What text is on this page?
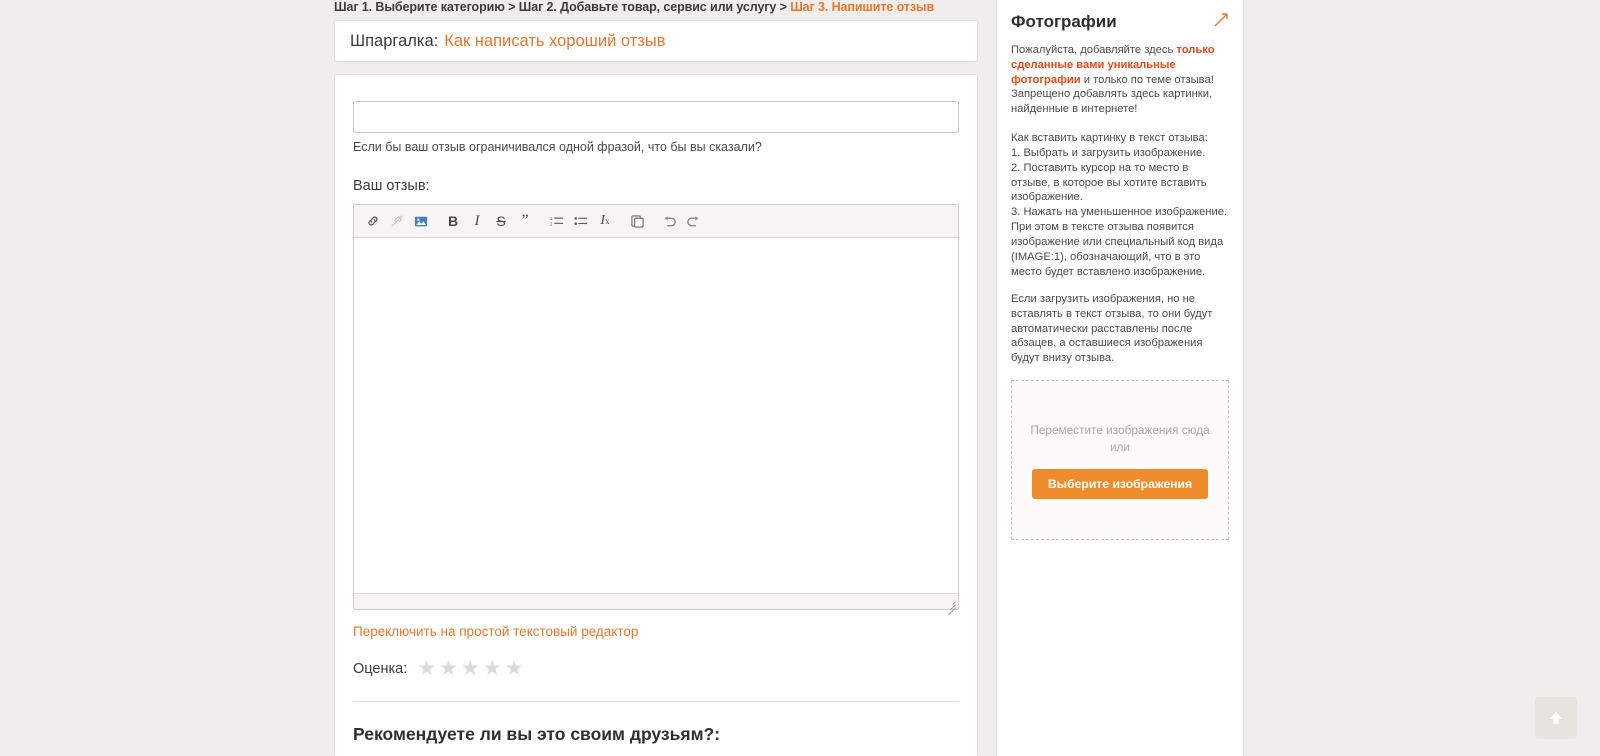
Шаг 1. Выберите категорию > Шаг 2. Добавьте товар, сервис или услугу > Шаг 3. Напишите отзыв
Шпаргалка: Как написать хороший отзыв
Если бы ваш отзыв ограничивался одной фразой, что бы вы сказали?
Ваш отзыв:
B	I	S ”	1
2	I x
Переключить на простой текстовый редактор
Оценка: ★ ★ ★ ★ ★
Рекомендуете ли вы это своим друзьям?:
Фотографии
Пожалуйста, добавляйте здесь только сделанные вами уникальные фотографии и только по теме отзыва!
Запрещено добавлять здесь картинки, найденные в интернете!

Как вставить картинку в текст отзыва:

1. Выбрать и загрузить изображение.

2. Поставить курсор на то место в отзыве, в которое вы хотите вставить изображение.

3. Нажать на уменьшенное изображение. При этом в тексте отзыва появится изображение или специальный код вида (IMAGE:1), обозначающий, что в это место будет вставлено изображение.

Если загрузить изображения, но не вставлять в текст отзыва, то они будут автоматически расставлены после абзацев, а оставшиеся изображения будут внизу отзыва.

Переместите изображения сюда
или
Выберите изображения
